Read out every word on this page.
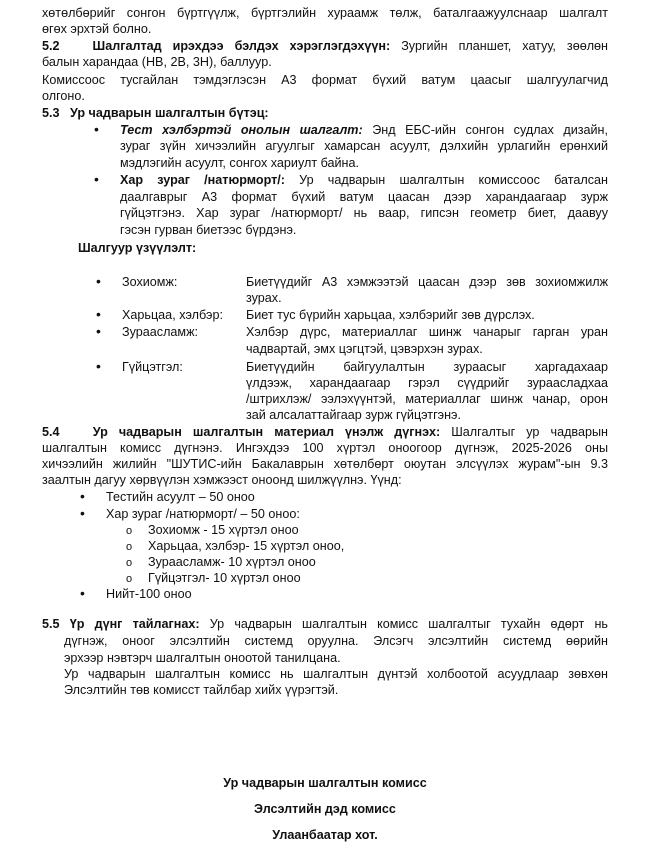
хөтөлбөрийг сонгон бүртгүүлж, бүртгэлийн хураамж төлж, баталгаажуулснаар шалгалт
өгөх эрхтэй болно.
5.2	Шалгалтад ирэхдээ бэлдэх хэрэглэгдэхүүн: Зургийн планшет, хатуу, зөөлөн
балын харандаа (НВ, 2В, 3Н), баллуур.
Комиссоос тусгайлан тэмдэглэсэн А3 формат бүхий ватум цаасыг шалгуулагчид
олгоно.
5.3 Ур чадварын шалгалтын бүтэц:
• Тест хэлбэртэй онолын шалгалт: Энд ЕБС-ийн сонгон судлах дизайн,
зураг зүйн хичээлийн агуулгыг хамарсан асуулт, дэлхийн урлагийн ерөнхий
мэдлэгийн асуулт, сонгох хариулт байна.
• Хар зураг /натюрморт/: Ур чадварын шалгалтын комиссоос баталсан
даалгаврыг А3 формат бүхий ватум цаасан дээр харандаагаар зурж
гүйцэтгэнэ. Хар зураг /натюрморт/ нь ваар, гипсэн геометр биет, даавуу
гэсэн гурван биетээс бүрдэнэ.
Шалгуур үзүүлэлт:
• Зохиомж:	Биетүүдийг А3 хэмжээтэй цаасан дээр зөв зохиомжилж
зурах.
• Харьцаа, хэлбэр: Биет тус бүрийн харьцаа, хэлбэрийг зөв дүрслэх.
• Зураасламж:	Хэлбэр дүрс, материаллаг шинж чанарыг гарган уран
чадвартай, эмх цэгцтэй, цэвэрхэн зурах.
• Гүйцэтгэл:	Биетүүдийн байгуулалтын зураасыг харгадахаар
үлдээж, харандаагаар гэрэл сүүдрийг зураасладхаа
/штрихлэж/ ээлэхүүнтэй, материаллаг шинж чанар, орон
зай алсалаттайгаар зурж гүйцэтгэнэ.
5.4	Ур чадварын шалгалтын материал үнэлж дүгнэх: Шалгалтыг ур чадварын
шалгалтын комисс дүгнэнэ. Ингэхдээ 100 хүртэл оноогоор дүгнэж, 2025-2026 оны
хичээлийн жилийн "ШУТИС-ийн Бакалаврын хөтөлбөрт оюутан элсүүлэх журам"-ын 9.3
заалтын дагуу хөрвүүлэн хэмжээст оноонд шилжүүлнэ. Үүнд:
• Тестийн асуулт – 50 оноо
• Хар зураг /натюрморт/ – 50 оноо:
o Зохиомж - 15 хүртэл оноо
o Харьцаа, хэлбэр- 15 хүртэл оноо,
o Зураасламж- 10 хүртэл оноо
o Гүйцэтгэл- 10 хүртэл оноо
• Нийт-100 оноо
5.5 Үр дүнг тайлагнах: Ур чадварын шалгалтын комисс шалгалтыг тухайн өдөрт нь
дүгнэж, оноог элсэлтийн системд оруулна. Элсэгч элсэлтийн системд өөрийн
эрхээр нэвтэрч шалгалтын оноотой танилцана.
Ур чадварын шалгалтын комисс нь шалгалтын дүнтэй холбоотой асуудлаар зөвхөн
Элсэлтийн төв комисст тайлбар хийх үүрэгтэй.
Ур чадварын шалгалтын комисс
Элсэлтийн дэд комисс
Улаанбаатар хот.
